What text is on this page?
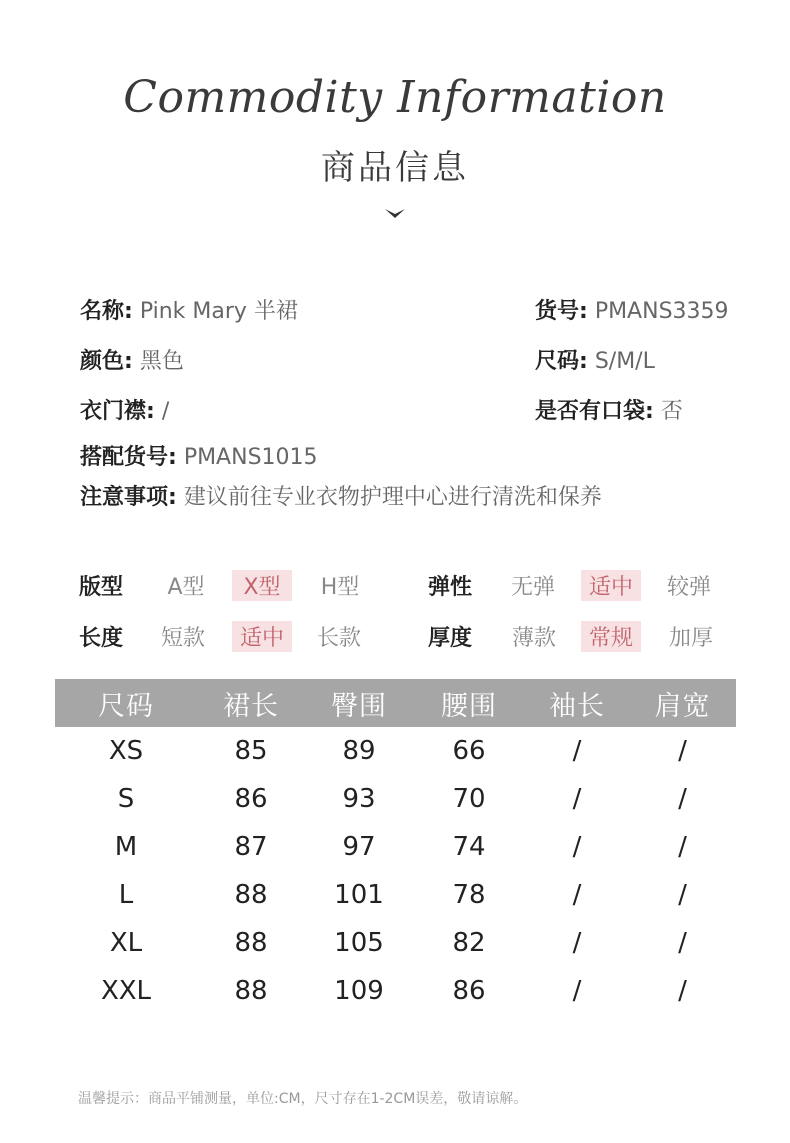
Commodity Information
商品信息
名称: Pink Mary 半裙	货号: PMANS3359
颜色: 黑色	尺码: S/M/L
衣门襟: /	是否有口袋: 否
搭配货号: PMANS1015
注意事项: 建议前往专业衣物护理中心进行清洗和保养
版型	A型	X型	H型	弹性	无弹	适中	较弹
长度	短款	适中	长款	厚度	薄款	常规	加厚
尺码	裙长	臀围	腰围	袖长	肩宽
XS	85	89	66	/	/
S	86	93	70	/	/
M	87	97	74	/	/
L	88	101	78	/	/
XL	88	105	82	/	/
XXL	88	109	86	/	/
温馨提示：商品平铺测量，单位:CM，尺寸存在1-2CM误差，敬请谅解。
